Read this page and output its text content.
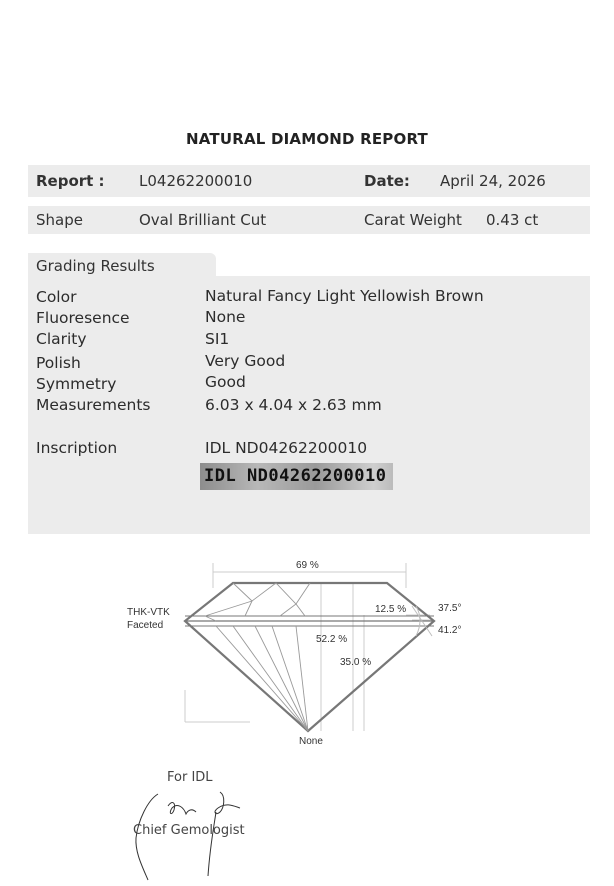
NATURAL DIAMOND REPORT
Report : L04262200010	Date: April 24, 2026
Shape	Oval Brilliant Cut	Carat Weight 0.43 ct
Grading Results
Color	Natural Fancy Light Yellowish Brown
Fluoresence	None
Clarity	SI1
Polish	Very Good
Symmetry	Good
Measurements	6.03 x 4.04 x 2.63 mm
Inscription	IDL ND04262200010
IDL ND04262200010
69 %
THK-VTK
Faceted
12.5 %	37.5°
41.2°
52.2 %
35.0 %
None
For IDL
Chief Gemologist
